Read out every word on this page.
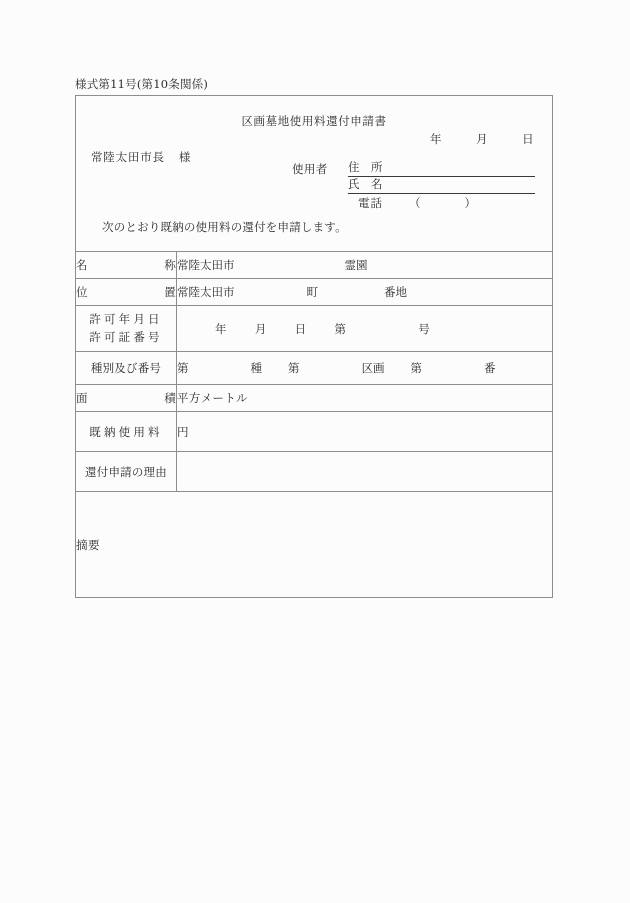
様式第11号(第10条関係)
区画墓地使用料還付申請書
年	月	日
常陸太田市長 様
使用者	住　所
氏　名
電話 （　　）
次のとおり既納の使用料の還付を申請します。
名 称	常陸太田市 霊園

位 置	常陸太田市 町 番地

許可年月日
許可証番号	年 月 日 第 号

種別及び番号	第 種 第 区画 第 番

面 積	平方メートル

既納使用料	円

還付申請の理由	

摘要	
